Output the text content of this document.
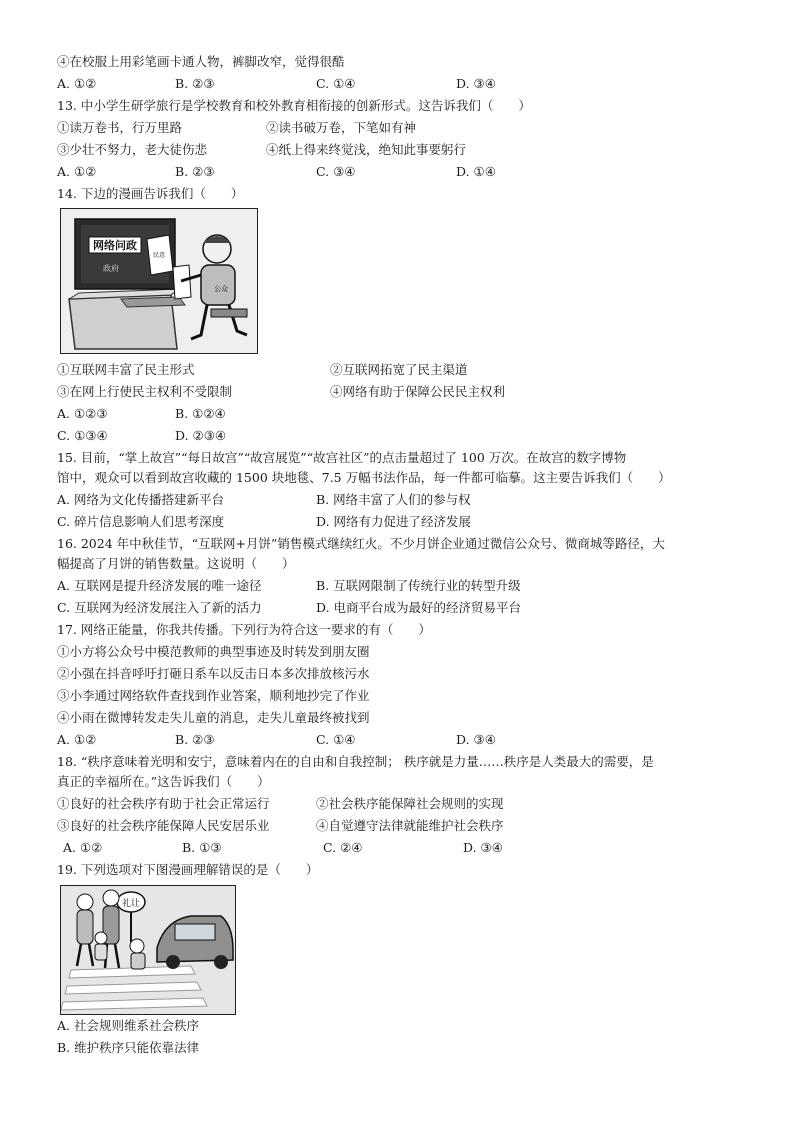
④在校服上用彩笔画卡通人物，裤脚改窄，觉得很酷
A. ①②	B. ②③	C. ①④	D. ③④
13. 中小学生研学旅行是学校教育和校外教育相衔接的创新形式。这告诉我们（　　）
①读万卷书，行万里路	②读书破万卷，下笔如有神
③少壮不努力，老大徒伤悲	④纸上得来终觉浅，绝知此事要躬行
A. ①②	B. ②③	C. ③④	D. ①④
14. 下边的漫画告诉我们（　　）
网络问政
政府
民意
公众
①互联网丰富了民主形式	②互联网拓宽了民主渠道
③在网上行使民主权利不受限制	④网络有助于保障公民民主权利
A. ①②③	B. ①②④
C. ①③④	D. ②③④
15. 目前，“掌上故宫”“每日故宫”“故宫展览”“故宫社区”的点击量超过了 100 万次。在故宫的数字博物
馆中，观众可以看到故宫收藏的 1500 块地毯、7.5 万幅书法作品，每一件都可临摹。这主要告诉我们（　　）
A. 网络为文化传播搭建新平台	B. 网络丰富了人们的参与权
C. 碎片信息影响人们思考深度	D. 网络有力促进了经济发展
16. 2024 年中秋佳节，“互联网+月饼”销售模式继续红火。不少月饼企业通过微信公众号、微商城等路径，大
幅提高了月饼的销售数量。这说明（　　）
A. 互联网是提升经济发展的唯一途径	B. 互联网限制了传统行业的转型升级
C. 互联网为经济发展注入了新的活力	D. 电商平台成为最好的经济贸易平台
17. 网络正能量，你我共传播。下列行为符合这一要求的有（　　）
①小方将公众号中模范教师的典型事迹及时转发到朋友圈
②小强在抖音呼吁打砸日系车以反击日本多次排放核污水
③小李通过网络软件查找到作业答案，顺利地抄完了作业
④小雨在微博转发走失儿童的消息，走失儿童最终被找到
A. ①②	B. ②③	C. ①④	D. ③④
18. “秩序意味着光明和安宁，意味着内在的自由和自我控制； 秩序就是力量……秩序是人类最大的需要，是
真正的幸福所在。”这告诉我们（　　）
①良好的社会秩序有助于社会正常运行	②社会秩序能保障社会规则的实现
③良好的社会秩序能保障人民安居乐业	④自觉遵守法律就能维护社会秩序
A. ①②	B. ①③	C. ②④	D. ③④
19. 下列选项对下图漫画理解错误的是（　　）
礼让
A. 社会规则维系社会秩序
B. 维护秩序只能依靠法律
